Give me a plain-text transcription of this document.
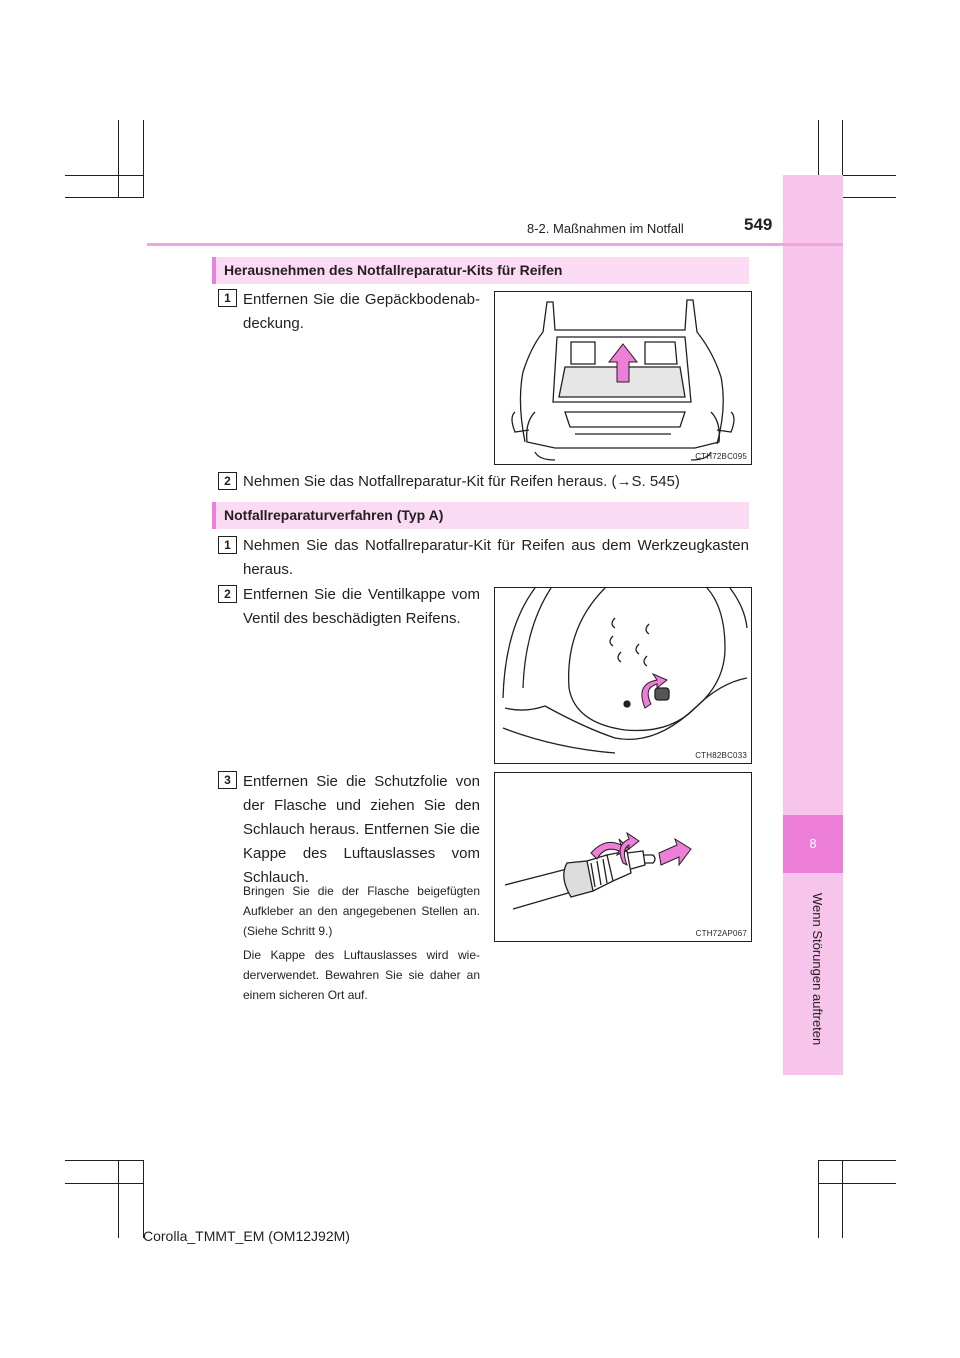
8
Wenn Störungen auftreten
8-2. Maßnahmen im Notfall	549
Herausnehmen des Notfallreparatur-Kits für Reifen
1 Entfernen Sie die Gepäckbodenabdeckung.
CTH72BC095
2 Nehmen Sie das Notfallreparatur-Kit für Reifen heraus. (→S. 545)
Notfallreparaturverfahren (Typ A)
1 Nehmen Sie das Notfallreparatur-Kit für Reifen aus dem Werkzeugkasten heraus.
2 Entfernen Sie die Ventilkappe vom Ventil des beschädigten Reifens.
CTH82BC033
3 Entfernen Sie die Schutzfolie von der Flasche und ziehen Sie den Schlauch heraus. Entfernen Sie die Kappe des Luftauslasses vom Schlauch.
Bringen Sie die der Flasche beigefügten Aufkleber an den angegebenen Stellen an. (Siehe Schritt 9.)
Die Kappe des Luftauslasses wird wiederverwendet. Bewahren Sie sie daher an einem sicheren Ort auf.
CTH72AP067
Corolla_TMMT_EM (OM12J92M)
